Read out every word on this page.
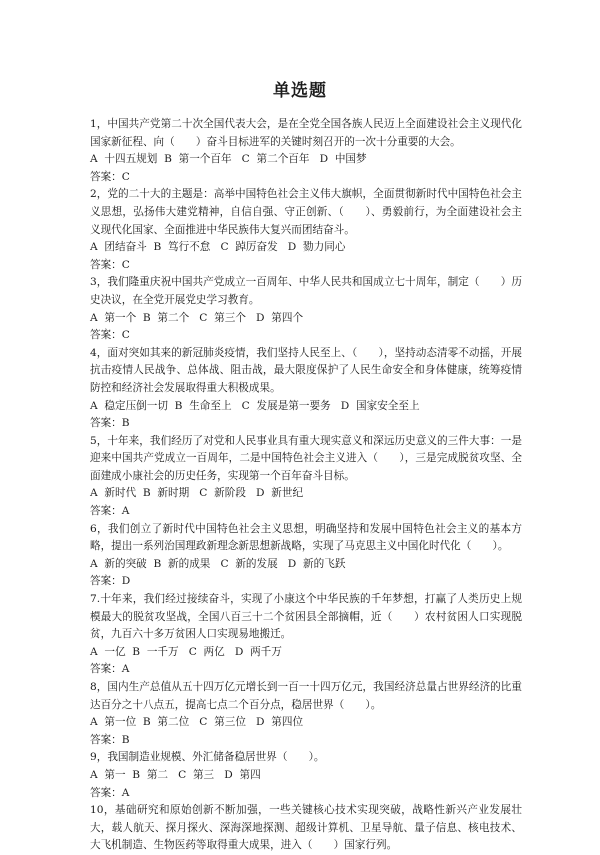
单选题

1，中国共产党第二十次全国代表大会，是在全党全国各族人民迈上全面建设社会主义现代化国家新征程、向（　　）奋斗目标进军的关键时刻召开的一次十分重要的大会。

A  十四五规划  B  第一个百年   C  第二个百年   D  中国梦

答案：C

2，党的二十大的主题是：高举中国特色社会主义伟大旗帜，全面贯彻新时代中国特色社会主义思想，弘扬伟大建党精神，自信自强、守正创新、（　　）、勇毅前行，为全面建设社会主义现代化国家、全面推进中华民族伟大复兴而团结奋斗。

A  团结奋斗  B  笃行不怠   C  踔厉奋发   D  勠力同心

答案：C

3，我们隆重庆祝中国共产党成立一百周年、中华人民共和国成立七十周年，制定（　　）历史决议，在全党开展党史学习教育。

A  第一个  B  第二个   C  第三个   D  第四个

答案：C

4，面对突如其来的新冠肺炎疫情，我们坚持人民至上、（　　），坚持动态清零不动摇，开展抗击疫情人民战争、总体战、阻击战，最大限度保护了人民生命安全和身体健康，统筹疫情防控和经济社会发展取得重大积极成果。

A  稳定压倒一切  B  生命至上   C  发展是第一要务   D  国家安全至上

答案：B

5，十年来，我们经历了对党和人民事业具有重大现实意义和深远历史意义的三件大事：一是迎来中国共产党成立一百周年，二是中国特色社会主义进入（　　），三是完成脱贫攻坚、全面建成小康社会的历史任务，实现第一个百年奋斗目标。

A  新时代  B  新时期   C  新阶段   D  新世纪

答案：A

6，我们创立了新时代中国特色社会主义思想，明确坚持和发展中国特色社会主义的基本方略，提出一系列治国理政新理念新思想新战略，实现了马克思主义中国化时代化（　　）。

A  新的突破  B  新的成果   C  新的发展   D  新的飞跃

答案：D

7.十年来，我们经过接续奋斗，实现了小康这个中华民族的千年梦想，打赢了人类历史上规模最大的脱贫攻坚战，全国八百三十二个贫困县全部摘帽，近（　　）农村贫困人口实现脱贫，九百六十多万贫困人口实现易地搬迁。

A  一亿  B  一千万   C  两亿   D  两千万

答案：A

8，国内生产总值从五十四万亿元增长到一百一十四万亿元，我国经济总量占世界经济的比重达百分之十八点五，提高七点二个百分点，稳居世界（　　）。

A  第一位  B  第二位   C  第三位   D  第四位

答案：B

9，我国制造业规模、外汇储备稳居世界（　　）。

A  第一  B  第二   C  第三   D  第四

答案：A

10，基础研究和原始创新不断加强，一些关键核心技术实现突破，战略性新兴产业发展壮大，载人航天、探月探火、深海深地探测、超级计算机、卫星导航、量子信息、核电技术、大飞机制造、生物医药等取得重大成果，进入（　　）国家行列。
